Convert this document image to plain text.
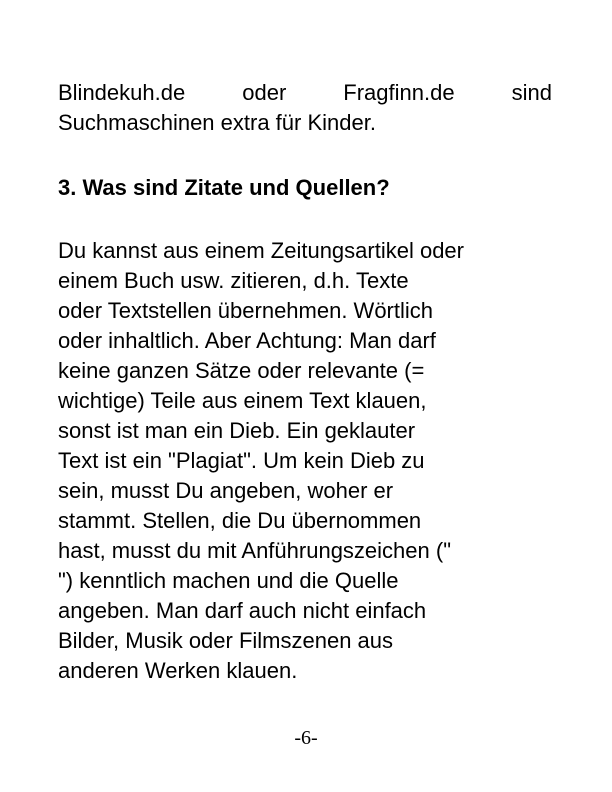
Blindekuh.de	oder	Fragfinn.de	sind

Suchmaschinen extra für Kinder.

3. Was sind Zitate und Quellen?

Du kannst aus einem Zeitungsartikel oder

einem Buch usw. zitieren, d.h. Texte

oder Textstellen übernehmen. Wörtlich

oder inhaltlich. Aber Achtung: Man darf

keine ganzen Sätze oder relevante (=

wichtige) Teile aus einem Text klauen,

sonst ist man ein Dieb. Ein geklauter

Text ist ein "Plagiat". Um kein Dieb zu

sein, musst Du angeben, woher er

stammt. Stellen, die Du übernommen

hast, musst du mit Anführungszeichen ("

") kenntlich machen und die Quelle

angeben. Man darf auch nicht einfach

Bilder, Musik oder Filmszenen aus

anderen Werken klauen.

-6-
